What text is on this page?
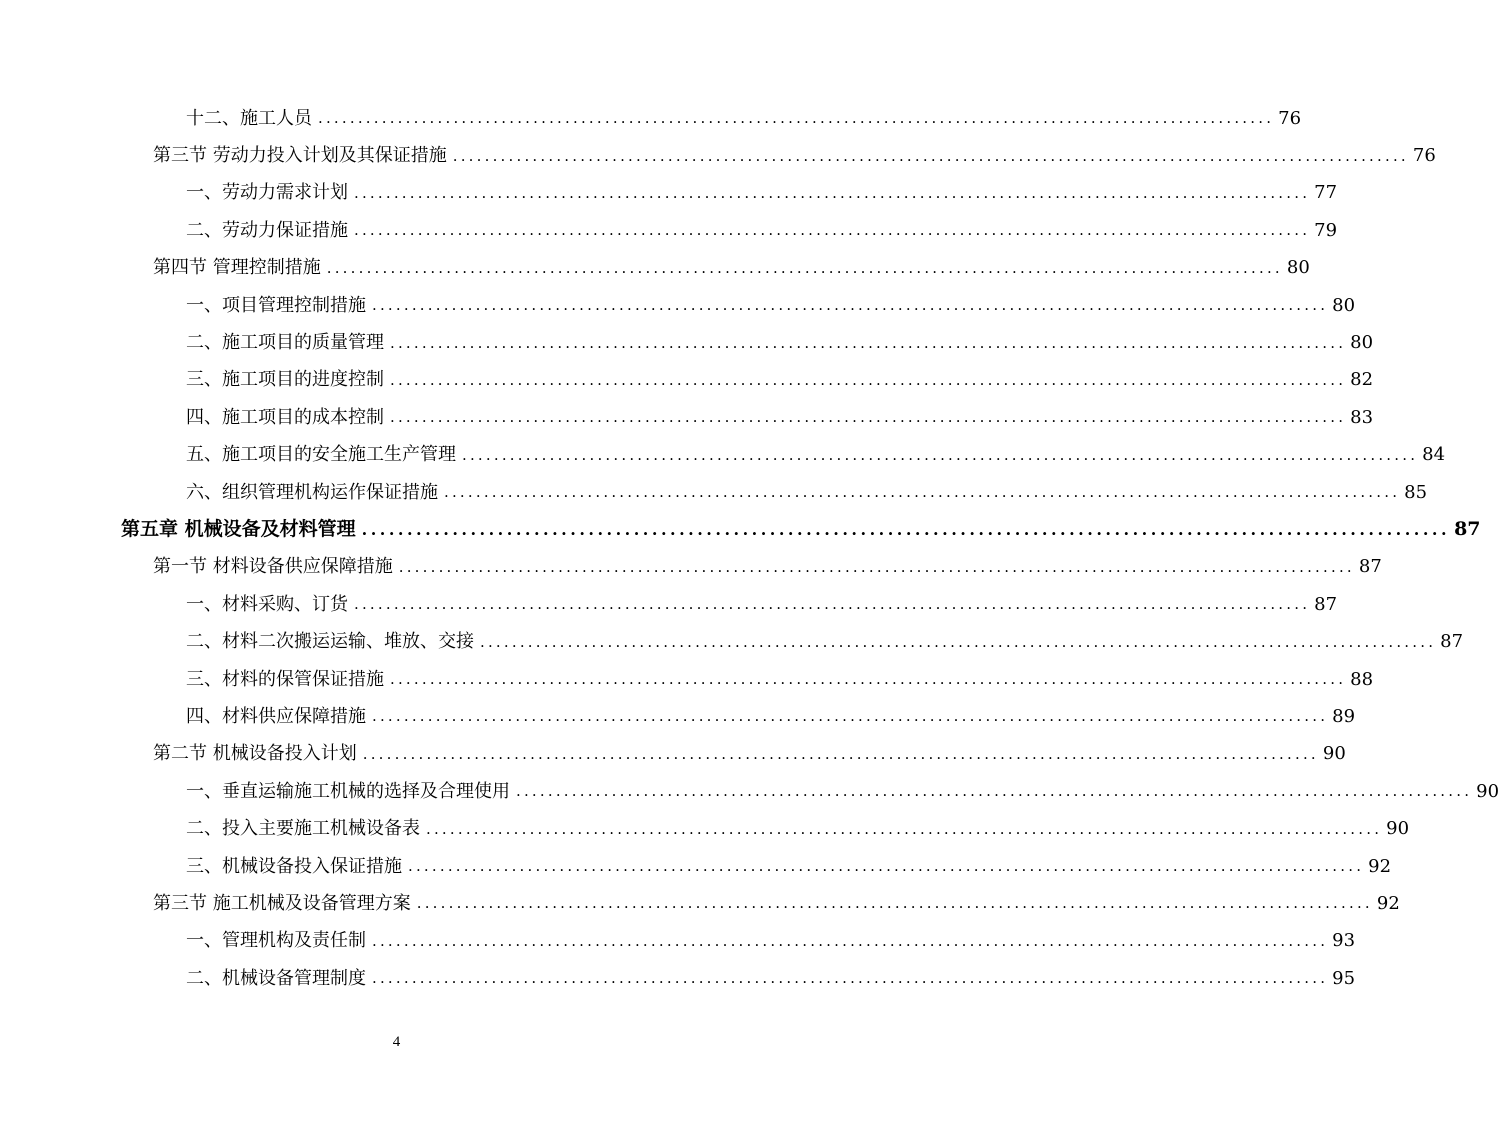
十二、施工人员 ........................................................................................................................ 76
第三节 劳动力投入计划及其保证措施 ........................................................................................................................ 76
一、劳动力需求计划 ........................................................................................................................ 77
二、劳动力保证措施 ........................................................................................................................ 79
第四节 管理控制措施 ........................................................................................................................ 80
一、项目管理控制措施 ........................................................................................................................ 80
二、施工项目的质量管理 ........................................................................................................................ 80
三、施工项目的进度控制 ........................................................................................................................ 82
四、施工项目的成本控制 ........................................................................................................................ 83
五、施工项目的安全施工生产管理 ........................................................................................................................ 84
六、组织管理机构运作保证措施 ........................................................................................................................ 85
第五章 机械设备及材料管理 ........................................................................................................................ 87
第一节 材料设备供应保障措施 ........................................................................................................................ 87
一、材料采购、订货 ........................................................................................................................ 87
二、材料二次搬运运输、堆放、交接 ........................................................................................................................ 87
三、材料的保管保证措施 ........................................................................................................................ 88
四、材料供应保障措施 ........................................................................................................................ 89
第二节 机械设备投入计划 ........................................................................................................................ 90
一、垂直运输施工机械的选择及合理使用 ........................................................................................................................ 90
二、投入主要施工机械设备表 ........................................................................................................................ 90
三、机械设备投入保证措施 ........................................................................................................................ 92
第三节 施工机械及设备管理方案 ........................................................................................................................ 92
一、管理机构及责任制 ........................................................................................................................ 93
二、机械设备管理制度 ........................................................................................................................ 95
4
